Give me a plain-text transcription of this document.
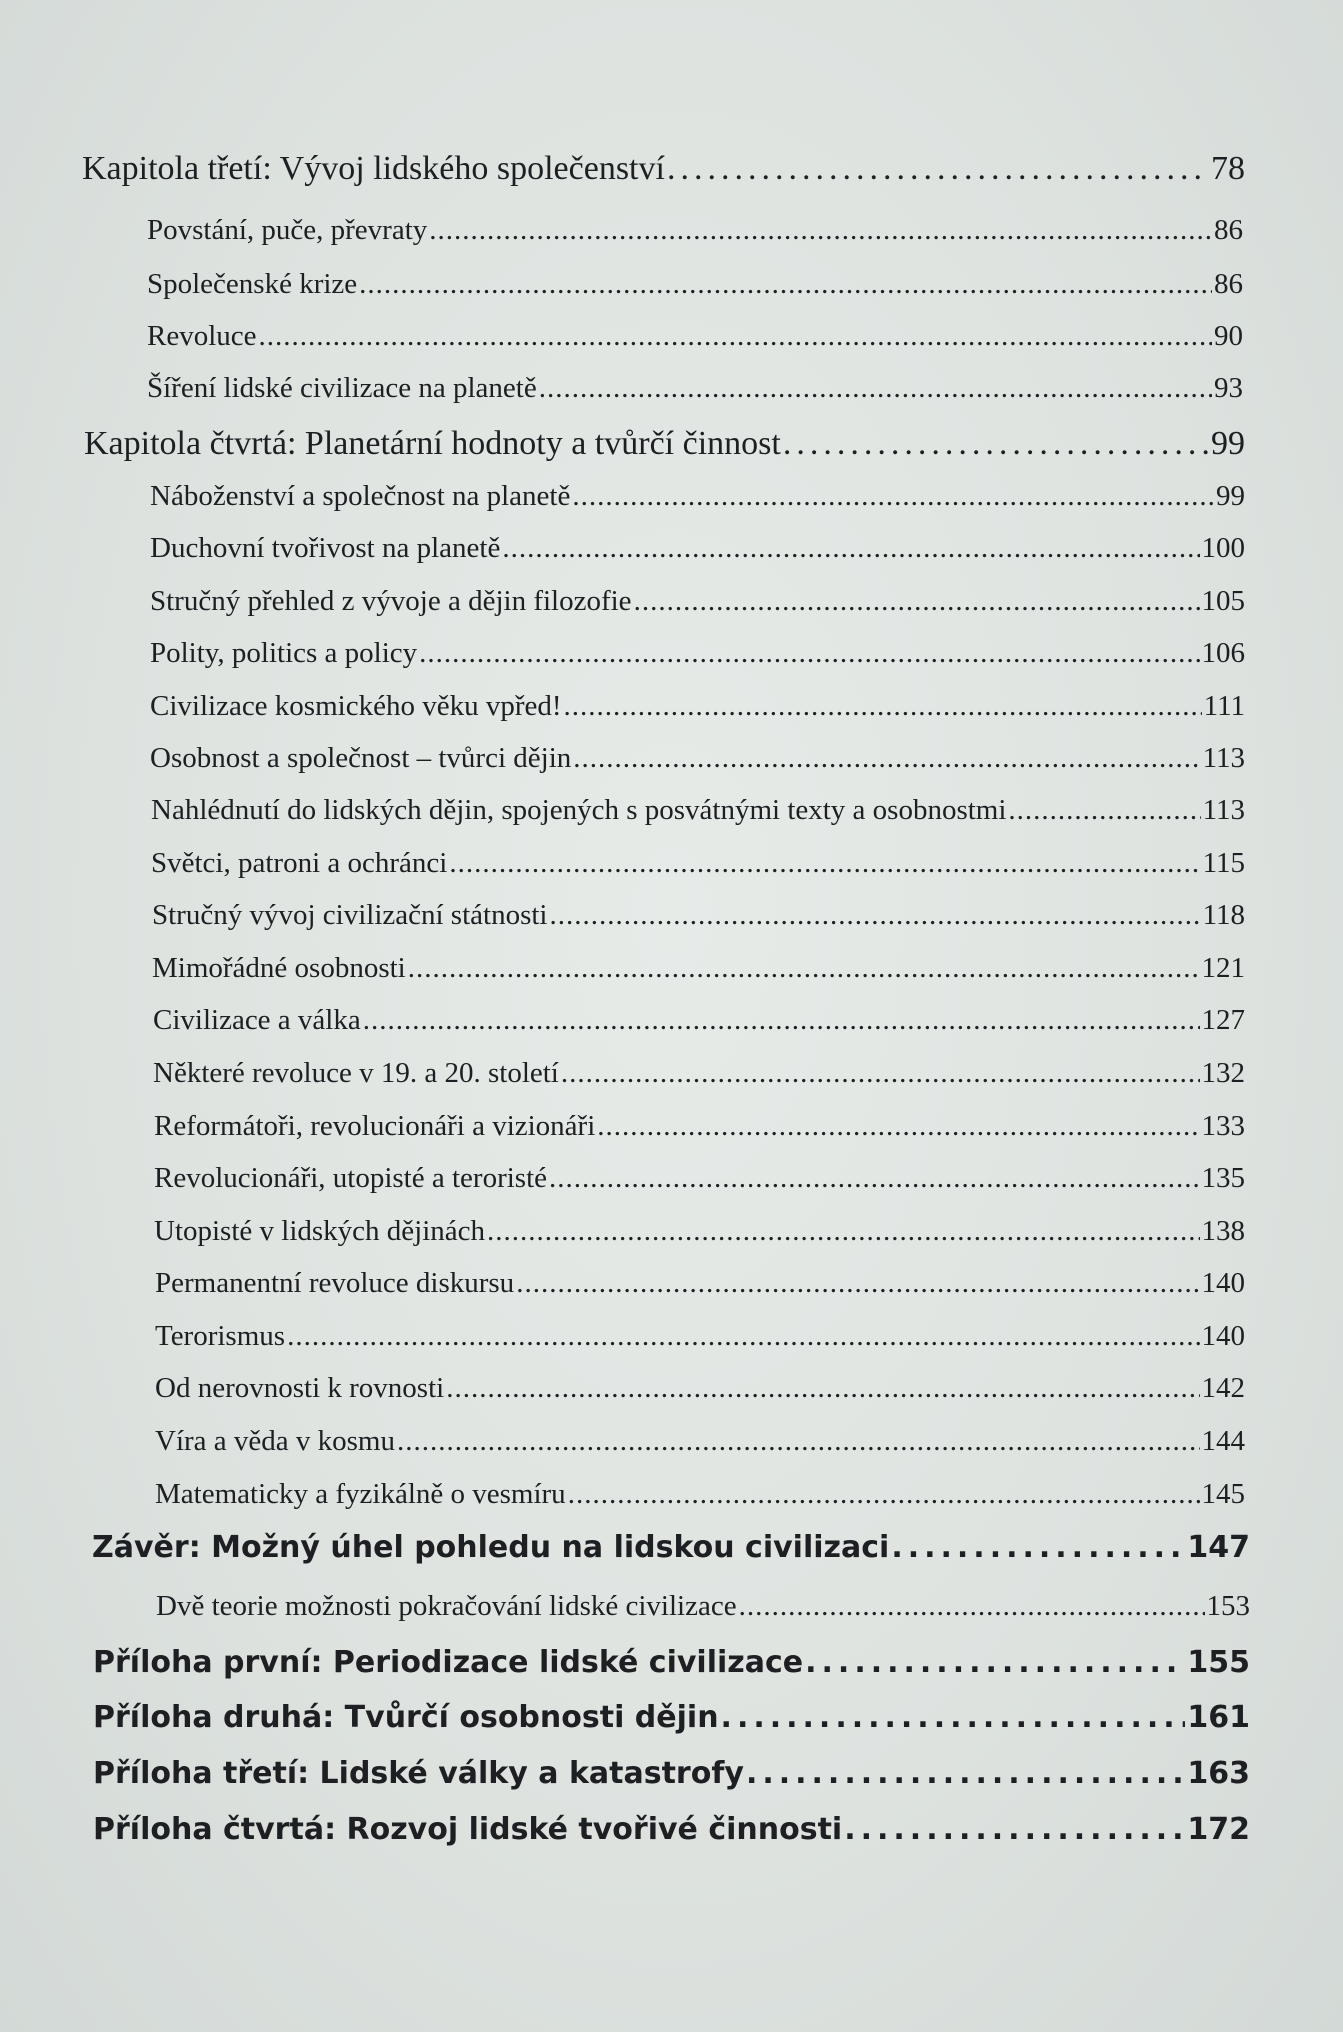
Kapitola třetí: Vývoj lidského společenství .....	78
Povstání, puče, převraty .....	86
Společenské krize .....	86
Revoluce .....	90
Šíření lidské civilizace na planetě .....	93
Kapitola čtvrtá: Planetární hodnoty a tvůrčí činnost .....	99
Náboženství a společnost na planetě .....	99
Duchovní tvořivost na planetě .....	100
Stručný přehled z vývoje a dějin filozofie .....	105
Polity, politics a policy .....	106
Civilizace kosmického věku vpřed! .....	111
Osobnost a společnost – tvůrci dějin .....	113
Nahlédnutí do lidských dějin, spojených s posvátnými texty a osobnostmi .....	113
Světci, patroni a ochránci .....	115
Stručný vývoj civilizační státnosti .....	118
Mimořádné osobnosti .....	121
Civilizace a válka .....	127
Některé revoluce v 19. a 20. století .....	132
Reformátoři, revolucionáři a vizionáři .....	133
Revolucionáři, utopisté a teroristé .....	135
Utopisté v lidských dějinách .....	138
Permanentní revoluce diskursu .....	140
Terorismus .....	140
Od nerovnosti k rovnosti .....	142
Víra a věda v kosmu .....	144
Matematicky a fyzikálně o vesmíru .....	145
Závěr: Možný úhel pohledu na lidskou civilizaci .....	147
Dvě teorie možnosti pokračování lidské civilizace .....	153
Příloha první: Periodizace lidské civilizace .....	155
Příloha druhá: Tvůrčí osobnosti dějin .....	161
Příloha třetí: Lidské války a katastrofy .....	163
Příloha čtvrtá: Rozvoj lidské tvořivé činnosti .....	172
